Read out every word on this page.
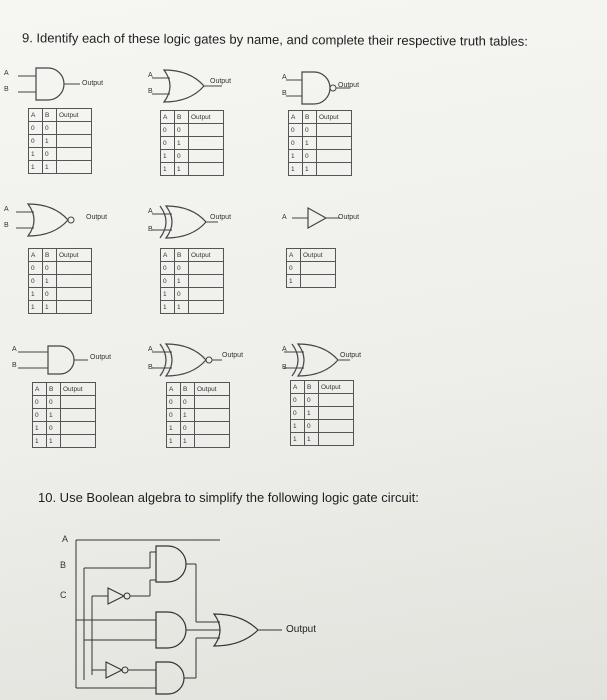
9. Identify each of these logic gates by name, and complete their respective truth tables:
A
B
Output
A
B
Output
A
B
Output
A
B
Output
A
B
Output	A	Output
A
B
Output
A
B
Output
A
B
Output
A	B	Output
0	0	
0	1	
1	0	
1	1	
A	B	Output
0	0	
0	1	
1	0	
1	1	
A	B	Output
0	0	
0	1	
1	0	
1	1	
A	B	Output
0	0	
0	1	
1	0	
1	1	
A	B	Output
0	0	
0	1	
1	0	
1	1	
A	Output
0	
1	
A	B	Output
0	0	
0	1	
1	0	
1	1	
A	B	Output
0	0	
0	1	
1	0	
1	1	
A	B	Output
0	0	
0	1	
1	0	
1	1	
10. Use Boolean algebra to simplify the following logic gate circuit:
A
B
C
Output
